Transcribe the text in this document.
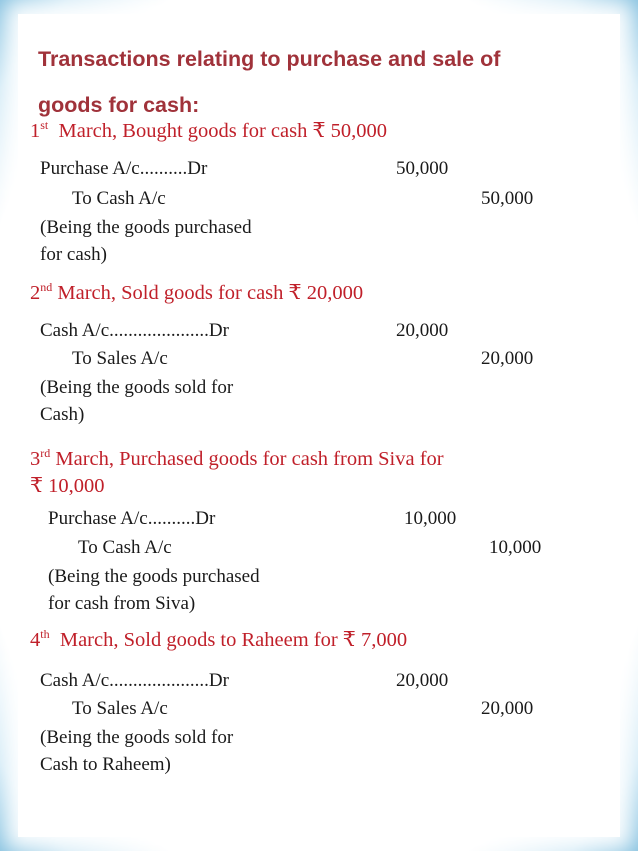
Transactions relating to purchase and sale of
goods for cash:
1st  March, Bought goods for cash ₹ 50,000
Purchase A/c..........Dr	50,000
To Cash A/c	50,000
(Being the goods purchased
for cash)
2nd March, Sold goods for cash ₹ 20,000
Cash A/c.....................Dr	20,000
To Sales A/c	20,000
(Being the goods sold for
Cash)
3rd March, Purchased goods for cash from Siva for
₹ 10,000
Purchase A/c..........Dr	10,000
To Cash A/c	10,000
(Being the goods purchased
for cash from Siva)
4th  March, Sold goods to Raheem for ₹ 7,000
Cash A/c.....................Dr	20,000
To Sales A/c	20,000
(Being the goods sold for
Cash to Raheem)
